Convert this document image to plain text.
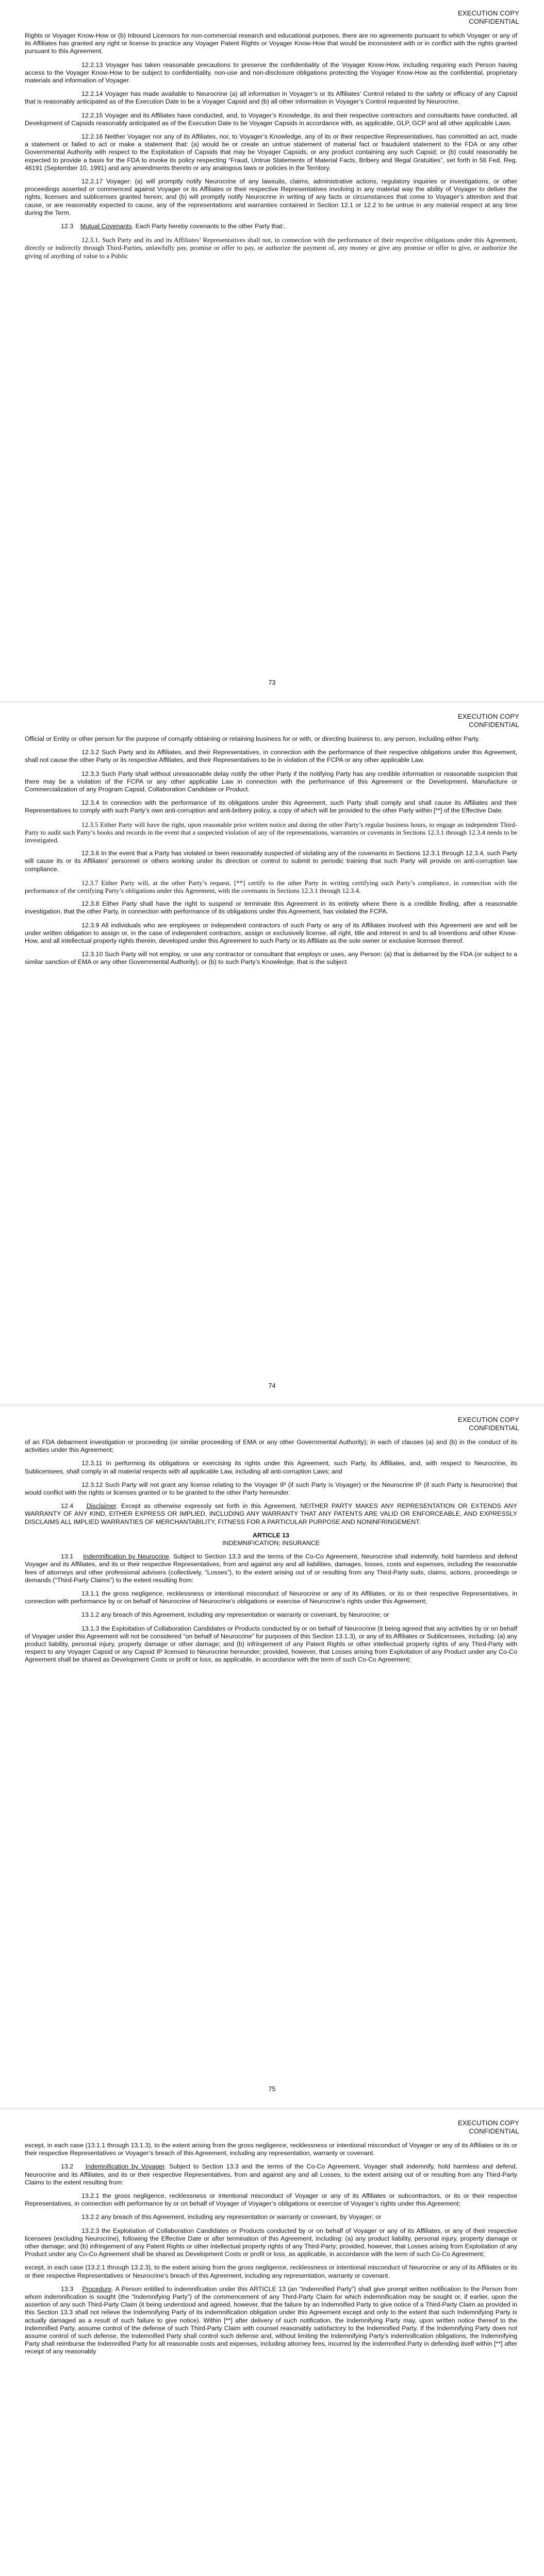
EXECUTION COPY
CONFIDENTIAL

Rights or Voyager Know-How or (b) Inbound Licensors for non-commercial research and educational purposes, there are no agreements pursuant to which Voyager or any of its Affiliates has granted any right or license to practice any Voyager Patent Rights or Voyager Know-How that would be inconsistent with or in conflict with the rights granted pursuant to this Agreement.

12.2.13 Voyager has taken reasonable precautions to preserve the confidentiality of the Voyager Know-How, including requiring each Person having access to the Voyager Know-How to be subject to confidentiality, non-use and non-disclosure obligations protecting the Voyager Know-How as the confidential, proprietary materials and information of Voyager.

12.2.14 Voyager has made available to Neurocrine (a) all information in Voyager’s or its Affiliates’ Control related to the safety or efficacy of any Capsid that is reasonably anticipated as of the Execution Date to be a Voyager Capsid and (b) all other information in Voyager’s Control requested by Neurocrine.

12.2.15 Voyager and its Affiliates have conducted, and, to Voyager’s Knowledge, its and their respective contractors and consultants have conducted, all Development of Capsids reasonably anticipated as of the Execution Date to be Voyager Capsids in accordance with, as applicable, GLP, GCP and all other applicable Laws.

12.2.16 Neither Voyager nor any of its Affiliates, nor, to Voyager’s Knowledge, any of its or their respective Representatives, has committed an act, made a statement or failed to act or make a statement that: (a) would be or create an untrue statement of material fact or fraudulent statement to the FDA or any other Governmental Authority with respect to the Exploitation of Capsids that may be Voyager Capsids, or any product containing any such Capsid; or (b) could reasonably be expected to provide a basis for the FDA to invoke its policy respecting “Fraud, Untrue Statements of Material Facts, Bribery and Illegal Gratuities”, set forth in 56 Fed. Reg. 46191 (September 10, 1991) and any amendments thereto or any analogous laws or policies in the Territory.

12.2.17 Voyager: (a) will promptly notify Neurocrine of any lawsuits, claims, administrative actions, regulatory inquiries or investigations, or other proceedings asserted or commenced against Voyager or its Affiliates or their respective Representatives involving in any material way the ability of Voyager to deliver the rights, licenses and sublicenses granted herein; and (b) will promptly notify Neurocrine in writing of any facts or circumstances that come to Voyager’s attention and that cause, or are reasonably expected to cause, any of the representations and warranties contained in Section 12.1 or 12.2 to be untrue in any material respect at any time during the Term.

12.3 Mutual Covenants. Each Party hereby covenants to the other Party that:.

12.3.1. Such Party and its and its Affiliates’ Representatives shall not, in connection with the performance of their respective obligations under this Agreement, directly or indirectly through Third-Parties, unlawfully pay, promise or offer to pay, or authorize the payment of, any money or give any promise or offer to give, or authorize the giving of anything of value to a Public

73
EXECUTION COPY
CONFIDENTIAL

Official or Entity or other person for the purpose of corruptly obtaining or retaining business for or with, or directing business to, any person, including either Party.

12.3.2 Such Party and its Affiliates, and their Representatives, in connection with the performance of their respective obligations under this Agreement, shall not cause the other Party or its respective Affiliates, and their Representatives to be in violation of the FCPA or any other applicable Law.

12.3.3 Such Party shall without unreasonable delay notify the other Party if the notifying Party has any credible information or reasonable suspicion that there may be a violation of the FCPA or any other applicable Law in connection with the performance of this Agreement or the Development, Manufacture or Commercialization of any Program Capsid, Collaboration Candidate or Product.

12.3.4 In connection with the performance of its obligations under this Agreement, such Party shall comply and shall cause its Affiliates and their Representatives to comply with such Party’s own anti-corruption and anti-bribery policy, a copy of which will be provided to the other Party within [**] of the Effective Date.

12.3.5 Either Party will have the right, upon reasonable prior written notice and during the other Party’s regular business hours, to engage an independent Third-Party to audit such Party’s books and records in the event that a suspected violation of any of the representations, warranties or covenants in Sections 12.3.1 through 12.3.4 needs to be investigated.

12.3.6 In the event that a Party has violated or been reasonably suspected of violating any of the covenants in Sections 12.3.1 through 12.3.4, such Party will cause its or its Affiliates’ personnel or others working under its direction or control to submit to periodic training that such Party will provide on anti-corruption law compliance.

12.3.7 Either Party will, at the other Party’s request, [**] certify to the other Party in writing certifying such Party’s compliance, in connection with the performance of the certifying Party’s obligations under this Agreement, with the covenants in Sections 12.3.1 through 12.3.4.

12.3.8 Either Party shall have the right to suspend or terminate this Agreement in its entirety where there is a credible finding, after a reasonable investigation, that the other Party, in connection with performance of its obligations under this Agreement, has violated the FCPA.

12.3.9 All individuals who are employees or independent contractors of such Party or any of its Affiliates involved with this Agreement are and will be under written obligation to assign or, in the case of independent contractors, assign or exclusively license, all right, title and interest in and to all Inventions and other Know-How, and all intellectual property rights therein, developed under this Agreement to such Party or its Affiliate as the sole owner or exclusive licensee thereof.

12.3.10 Such Party will not employ, or use any contractor or consultant that employs or uses, any Person: (a) that is debarred by the FDA (or subject to a similar sanction of EMA or any other Governmental Authority); or (b) to such Party’s Knowledge, that is the subject

74
EXECUTION COPY
CONFIDENTIAL

of an FDA debarment investigation or proceeding (or similar proceeding of EMA or any other Governmental Authority); in each of clauses (a) and (b) in the conduct of its activities under this Agreement;

12.3.11 In performing its obligations or exercising its rights under this Agreement, such Party, its Affiliates, and, with respect to Neurocrine, its Sublicensees, shall comply in all material respects with all applicable Law, including all anti-corruption Laws; and

12.3.12 Such Party will not grant any license relating to the Voyager IP (if such Party is Voyager) or the Neurocrine IP (if such Party is Neurocrine) that would conflict with the rights or licenses granted or to be granted to the other Party hereunder.

12.4 Disclaimer. Except as otherwise expressly set forth in this Agreement, NEITHER PARTY MAKES ANY REPRESENTATION OR EXTENDS ANY WARRANTY OF ANY KIND, EITHER EXPRESS OR IMPLIED, INCLUDING ANY WARRANTY THAT ANY PATENTS ARE VALID OR ENFORCEABLE, AND EXPRESSLY DISCLAIMS ALL IMPLIED WARRANTIES OF MERCHANTABILITY, FITNESS FOR A PARTICULAR PURPOSE AND NONINFRINGEMENT.

ARTICLE 13

INDEMNIFICATION; INSURANCE

13.1 Indemnification by Neurocrine. Subject to Section 13.3 and the terms of the Co-Co Agreement, Neurocrine shall indemnify, hold harmless and defend Voyager and its Affiliates, and its or their respective Representatives, from and against any and all liabilities, damages, losses, costs and expenses, including the reasonable fees of attorneys and other professional advisers (collectively, “Losses”), to the extent arising out of or resulting from any Third-Party suits, claims, actions, proceedings or demands (“Third-Party Claims”) to the extent resulting from:

13.1.1 the gross negligence, recklessness or intentional misconduct of Neurocrine or any of its Affiliates, or its or their respective Representatives, in connection with performance by or on behalf of Neurocrine of Neurocrine’s obligations or exercise of Neurocrine’s rights under this Agreement;

13.1.2 any breach of this Agreement, including any representation or warranty or covenant, by Neurocrine; or

13.1.3 the Exploitation of Collaboration Candidates or Products conducted by or on behalf of Neurocrine (it being agreed that any activities by or on behalf of Voyager under this Agreement will not be considered “on behalf of Neurocrine” for purposes of this Section 13.1.3), or any of its Affiliates or Sublicensees, including: (a) any product liability, personal injury, property damage or other damage; and (b) infringement of any Patent Rights or other intellectual property rights of any Third-Party with respect to any Voyager Capsid or any Capsid IP licensed to Neurocrine hereunder; provided, however, that Losses arising from Exploitation of any Product under any Co-Co Agreement shall be shared as Development Costs or profit or loss, as applicable, in accordance with the term of such Co-Co Agreement;

75
EXECUTION COPY
CONFIDENTIAL

except, in each case (13.1.1 through 13.1.3), to the extent arising from the gross negligence, recklessness or intentional misconduct of Voyager or any of its Affiliates or its or their respective Representatives or Voyager’s breach of this Agreement, including any representation, warranty or covenant.

13.2 Indemnification by Voyager. Subject to Section 13.3 and the terms of the Co-Co Agreement, Voyager shall indemnify, hold harmless and defend, Neurocrine and its Affiliates, and its or their respective Representatives, from and against any and all Losses, to the extent arising out of or resulting from any Third-Party Claims to the extent resulting from:

13.2.1 the gross negligence, recklessness or intentional misconduct of Voyager or any of its Affiliates or subcontractors, or its or their respective Representatives, in connection with performance by or on behalf of Voyager of Voyager’s obligations or exercise of Voyager’s rights under this Agreement;

13.2.2 any breach of this Agreement, including any representation or warranty or covenant, by Voyager; or

13.2.3 the Exploitation of Collaboration Candidates or Products conducted by or on behalf of Voyager or any of its Affiliates, or any of their respective licensees (excluding Neurocrine), following the Effective Date or after termination of this Agreement, including: (a) any product liability, personal injury, property damage or other damage; and (b) infringement of any Patent Rights or other intellectual property rights of any Third-Party; provided, however, that Losses arising from Exploitation of any Product under any Co-Co Agreement shall be shared as Development Costs or profit or loss, as applicable, in accordance with the term of such Co-Co Agreement;

except, in each case (13.2.1 through 13.2.3), to the extent arising from the gross negligence, recklessness or intentional misconduct of Neurocrine or any of its Affiliates or its or their respective Representatives or Neurocrine’s breach of this Agreement, including any representation, warranty or covenant.

13.3 Procedure. A Person entitled to indemnification under this ARTICLE 13 (an “Indemnified Party”) shall give prompt written notification to the Person from whom indemnification is sought (the “Indemnifying Party”) of the commencement of any Third-Party Claim for which indemnification may be sought or, if earlier, upon the assertion of any such Third-Party Claim (it being understood and agreed, however, that the failure by an Indemnified Party to give notice of a Third-Party Claim as provided in this Section 13.3 shall not relieve the Indemnifying Party of its indemnification obligation under this Agreement except and only to the extent that such Indemnifying Party is actually damaged as a result of such failure to give notice). Within [**] after delivery of such notification, the Indemnifying Party may, upon written notice thereof to the Indemnified Party, assume control of the defense of such Third-Party Claim with counsel reasonably satisfactory to the Indemnified Party. If the Indemnifying Party does not assume control of such defense, the Indemnified Party shall control such defense and, without limiting the Indemnifying Party’s indemnification obligations, the Indemnifying Party shall reimburse the Indemnified Party for all reasonable costs and expenses, including attorney fees, incurred by the Indemnified Party in defending itself within [**] after receipt of any reasonably
